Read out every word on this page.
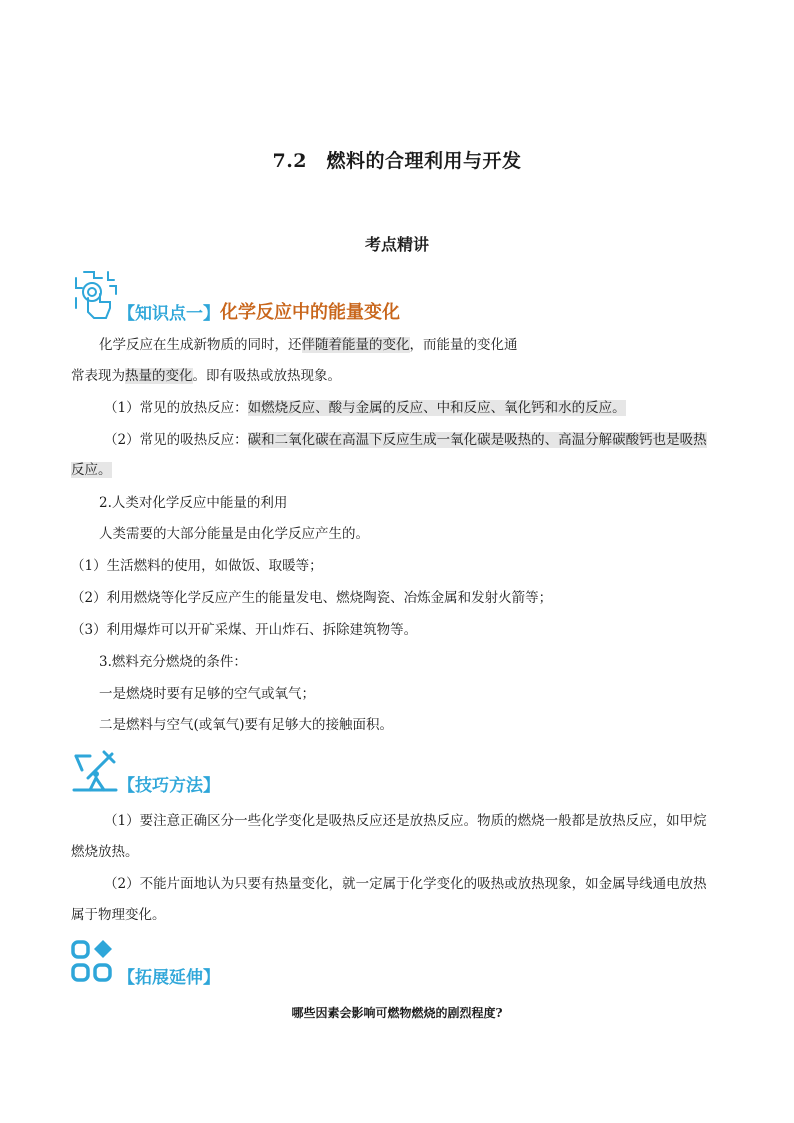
7.2　燃料的合理利用与开发
考点精讲
【知识点一】 化学反应中的能量变化
化学反应在生成新物质的同时，还伴随着能量的变化，而能量的变化通
常表现为热量的变化。即有吸热或放热现象。
（1）常见的放热反应：如燃烧反应、酸与金属的反应、中和反应、氧化钙和水的反应。
（2）常见的吸热反应：碳和二氧化碳在高温下反应生成一氧化碳是吸热的、高温分解碳酸钙也是吸热
反应。
2.人类对化学反应中能量的利用
人类需要的大部分能量是由化学反应产生的。
（1）生活燃料的使用，如做饭、取暖等；
（2）利用燃烧等化学反应产生的能量发电、燃烧陶瓷、冶炼金属和发射火箭等；
（3）利用爆炸可以开矿采煤、开山炸石、拆除建筑物等。
3.燃料充分燃烧的条件：
一是燃烧时要有足够的空气或氧气；
二是燃料与空气(或氧气)要有足够大的接触面积。
【技巧方法】
（1）要注意正确区分一些化学变化是吸热反应还是放热反应。物质的燃烧一般都是放热反应，如甲烷
燃烧放热。
（2）不能片面地认为只要有热量变化，就一定属于化学变化的吸热或放热现象，如金属导线通电放热
属于物理变化。
【拓展延伸】
哪些因素会影响可燃物燃烧的剧烈程度?
